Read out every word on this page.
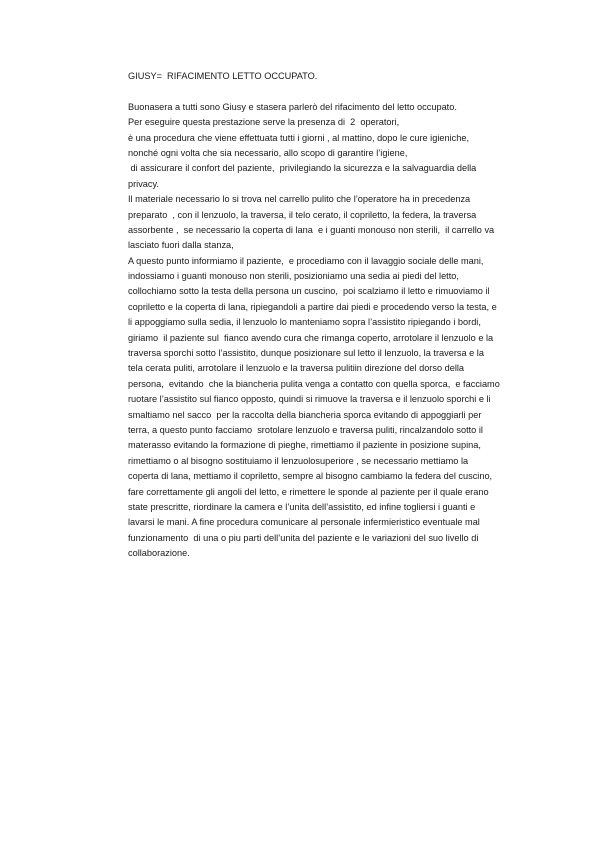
GIUSY=  RIFACIMENTO LETTO OCCUPATO.
Buonasera a tutti sono Giusy e stasera parlerò del rifacimento del letto occupato.
Per eseguire questa prestazione serve la presenza di  2  operatori,
è una procedura che viene effettuata tutti i giorni , al mattino, dopo le cure igieniche,
nonché ogni volta che sia necessario, allo scopo di garantire l’igiene,
di assicurare il confort del paziente,  privilegiando la sicurezza e la salvaguardia della
privacy.
Il materiale necessario lo si trova nel carrello pulito che l’operatore ha in precedenza
preparato  , con il lenzuolo, la traversa, il telo cerato, il copriletto, la federa, la traversa
assorbente ,  se necessario la coperta di lana  e i guanti monouso non sterili,  il carrello va
lasciato fuori dalla stanza,
A questo punto informiamo il paziente,  e procediamo con il lavaggio sociale delle mani,
indossiamo i guanti monouso non sterili, posizioniamo una sedia ai piedi del letto,
collochiamo sotto la testa della persona un cuscino,  poi scalziamo il letto e rimuoviamo il
copriletto e la coperta di lana, ripiegandoli a partire dai piedi e procedendo verso la testa, e
li appoggiamo sulla sedia, il lenzuolo lo manteniamo sopra l’assistito ripiegando i bordi,
giriamo  il paziente sul  fianco avendo cura che rimanga coperto, arrotolare il lenzuolo e la
traversa sporchi sotto l’assistito, dunque posizionare sul letto il lenzuolo, la traversa e la
tela cerata puliti, arrotolare il lenzuolo e la traversa pulitiin direzione del dorso della
persona,  evitando  che la biancheria pulita venga a contatto con quella sporca,  e facciamo
ruotare l’assistito sul fianco opposto, quindi si rimuove la traversa e il lenzuolo sporchi e li
smaltiamo nel sacco  per la raccolta della biancheria sporca evitando di appoggiarli per
terra, a questo punto facciamo  srotolare lenzuolo e traversa puliti, rincalzandolo sotto il
materasso evitando la formazione di pieghe, rimettiamo il paziente in posizione supina,
rimettiamo o al bisogno sostituiamo il lenzuolosuperiore , se necessario mettiamo la
coperta di lana, mettiamo il copriletto, sempre al bisogno cambiamo la federa del cuscino,
fare correttamente gli angoli del letto, e rimettere le sponde al paziente per il quale erano
state prescritte, riordinare la camera e l’unita dell’assistito, ed infine togliersi i guanti e
lavarsi le mani. A fine procedura comunicare al personale infermieristico eventuale mal
funzionamento  di una o piu parti dell’unita del paziente e le variazioni del suo livello di
collaborazione.
